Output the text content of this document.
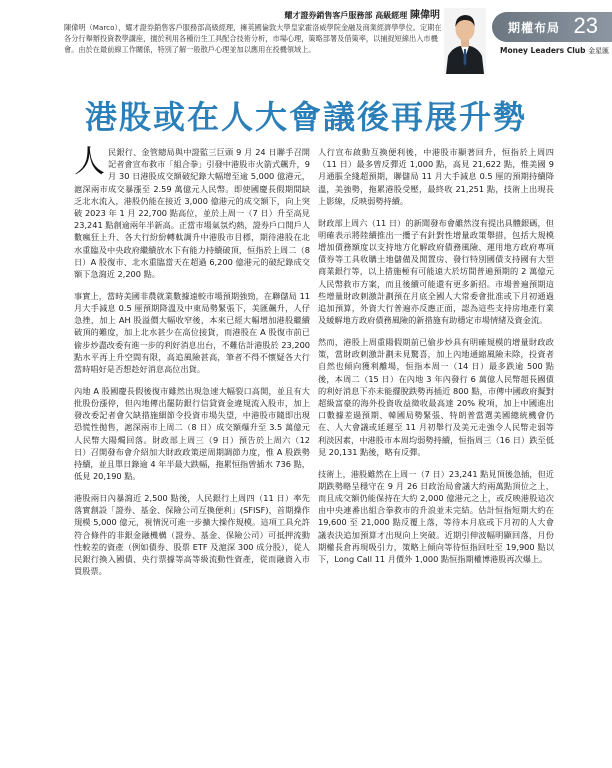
耀才證券銷售客戶服務部 高級經理 陳偉明
陳偉明（Marco），耀才證券銷售客戶服務部高級經理，擁英國倫敦大學皇家霍洛威學院金融及商業經濟學學位。定期在各分行舉辦投資教學講座，擅於利用各種衍生工具配合技術分析，市場心理，策略部署及借策率，以捕捉短線出入市機會。由於在最前線工作關係，特別了解一般散戶心理並加以應用在投機領域上。
期權布局 23
Money Leaders Club 金星匯
港股或在人大會議後再展升勢

人民銀行、金管總局與中證監三巨頭 9 月 24 日聯手召開記者會宣布救市「組合拳」引發中港股市火箭式飆升，9 月 30 日港股成交額破紀錄大幅增至逾 5,000 億港元，滬深兩市成交暴漲至 2.59 萬億元人民幣。即使國慶長假期間缺乏北水流入，港股仍能在接近 3,000 億港元的成交額下，向上突破 2023 年 1 月 22,700 點高位，並於上周一（7 日）升至高見 23,241 點創逾兩年半新高。正當市場氣氛灼熱，證券戶口開戶人數瘋狂上升、各大行紛紛轉軚調升中港股市目標，期待港股在北水重臨及中央政府繼續放水下有能力持續破頂，恒指於上周二（8 日）A 股復市、北水重臨當天在超過 6,200 億港元的破紀錄成交額下急瀉近 2,200 點。

事實上，當時美國非農就業數據遠較市場預期強勁，在聯儲局 11 月大手減息 0.5 厘預期降溫及中東局勢緊張下，美匯飆升，人仔急挫，加上 AH 股溢價大幅收窄後，本來已經大幅增加港股繼續破頂的難度，加上北水甚少在高位接貨，而港股在 A 股復市前已偷步炒盡改委有進一步的利好消息出台，不難估計港股於 23,200 點水平再上升空間有限，高追風險甚高，筆者不得不懷疑各大行當時唱好是否想趁好消息高位出貨。

內地 A 股國慶長假後復市雖然出現急速大幅裂口高開，並且有大批股份漲停，但內地傳出罷防銀行信貸資金違規流入股市，加上發改委記者會欠缺措施細節令投資市場失望，中港股市隨即出現恐慌性拋售，滬深兩市上周二（8 日）成交額爆升至 3.5 萬億元人民幣大陽燭回落。財政部上周三（9 日）預告於上周六（12 日）召開發布會介紹加大財政政策逆周期調節力度，惟 A 股跌勢持續，並且單日錄逾 4 年半最大跌幅，拖累恒指曾插水 736 點，低見 20,190 點。

港股兩日內暴瀉近 2,500 點後，人民銀行上周四（11 日）率先落實創設「證券、基金、保險公司互換便利」(SFISF)，首期操作規模 5,000 億元，視情況可進一步擴大操作規模。這項工具允許符合條件的非銀金融機構（證券、基金、保險公司）可抵押流動性較差的資產（例如債券、股票 ETF 及滬深 300 成分股），從人民銀行換入國債、央行票據等高等級流動性資產，從而融資入市買股票。

人行宣布啟動互換便利後，中港股市顯著回升，恒指於上周四（11 日）最多曾反彈近 1,000 點，高見 21,622 點，惟美國 9 月通脹全綫超預期，聯儲局 11 月大手減息 0.5 厘的預期持續降溫，美強勢，拖累港股受壓，最終收 21,251 點，技術上出現長上影線，反映弱勢持續。

財政部上周六（11 日）的新聞發布會雖然沒有提出具體銀碼，但明確表示將陸續推出一攬子有針對性增量政策舉措，包括大規模增加債務額度以支持地方化解政府債務風險、運用地方政府專項債券等工具收購土地儲備及閒置房、發行特別國債支持國有大型商業銀行等，以上措施極有可能遠大於坊間普遍預期的 2 萬億元人民幣救市方案，而且後續可能還有更多新招。市場普遍預期這些增量財政刺激計劃預在月底全國人大常委會批准或下月初通過追加預算，外資大行普遍亦反應正面，認為這些支持房地產行業及緩解地方政府債務風險的新措施有助穩定市場情緒及資金流。

然而，港股上周重陽假期前已偷步炒具有明確規模的增量財政政策，當財政刺激計劃未見驚喜，加上內地通縮風險未除，投資者自然也傾向獲利離場，恒指本周一（14 日）最多跌逾 500 點後，本周二（15 日）在內地 3 年內發行 6 萬億人民幣超長國債的利好消息下亦未能擺脫跌勢再插近 800 點，市傳中國政府擬對超級富豪的海外投資收益徵收最高達 20% 稅項，加上中國進出口數據差過預期、韓國局勢緊張、特朗普當選美國總統機會仍在、人大會議或延遲至 11 月初舉行及美元走強令人民幣走弱等利淡因素，中港股市本周均弱勢持續，恒指周三（16 日）跌至低見 20,131 點後，略有反彈。

技術上，港股雖然在上周一（7 日）23,241 點見頂後急插，但近期跌勢略呈穩守在 9 月 26 日政治局會議大約兩萬點頂位之上，而且成交額仍能保持在大約 2,000 億港元之上，或反映港股這次由中央連番出組合拳救市的升浪並未完結。估計恒指短期大約在 19,600 至 21,000 點反覆上落，等待本月底或下月初的人大會議表決追加預算才出現向上突破。近期引伸波幅明顯回落，月份期權長倉再現吸引力，策略上傾向等待恒指回吐至 19,900 點以下，Long Call 11 月價外 1,000 點恒指期權博港股再次爆上。
